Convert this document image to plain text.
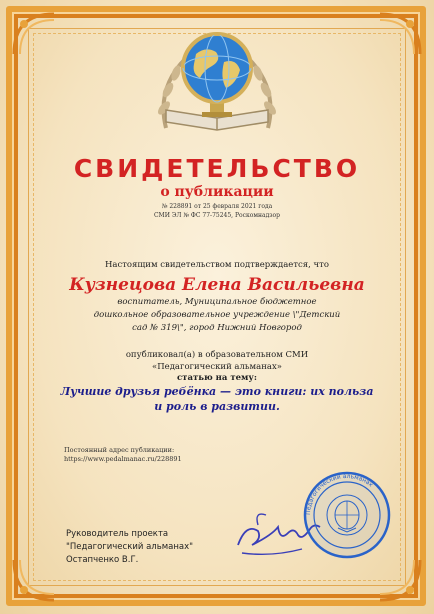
СВИДЕТЕЛЬСТВО
о публикации
№ 228891 от 25 февраля 2021 года
СМИ ЭЛ № ФС 77-75245, Роскомнадзор
Настоящим свидетельством подтверждается, что
Кузнецова Елена Васильевна
воспитатель, Муниципальное бюджетное дошкольное образовательное учреждение \"Детский сад № 319\", город Нижний Новгород
опубликовал(а) в образовательном СМИ
«Педагогический альманах»
статью на тему:
Лучшие друзья ребёнка — это книги: их польза и роль в развитии.
Постоянный адрес публикации:
https://www.pedalmanac.ru/228891
Руководитель проекта
"Педагогический альманах"
Остапченко В.Г.
Педагогический альманах
